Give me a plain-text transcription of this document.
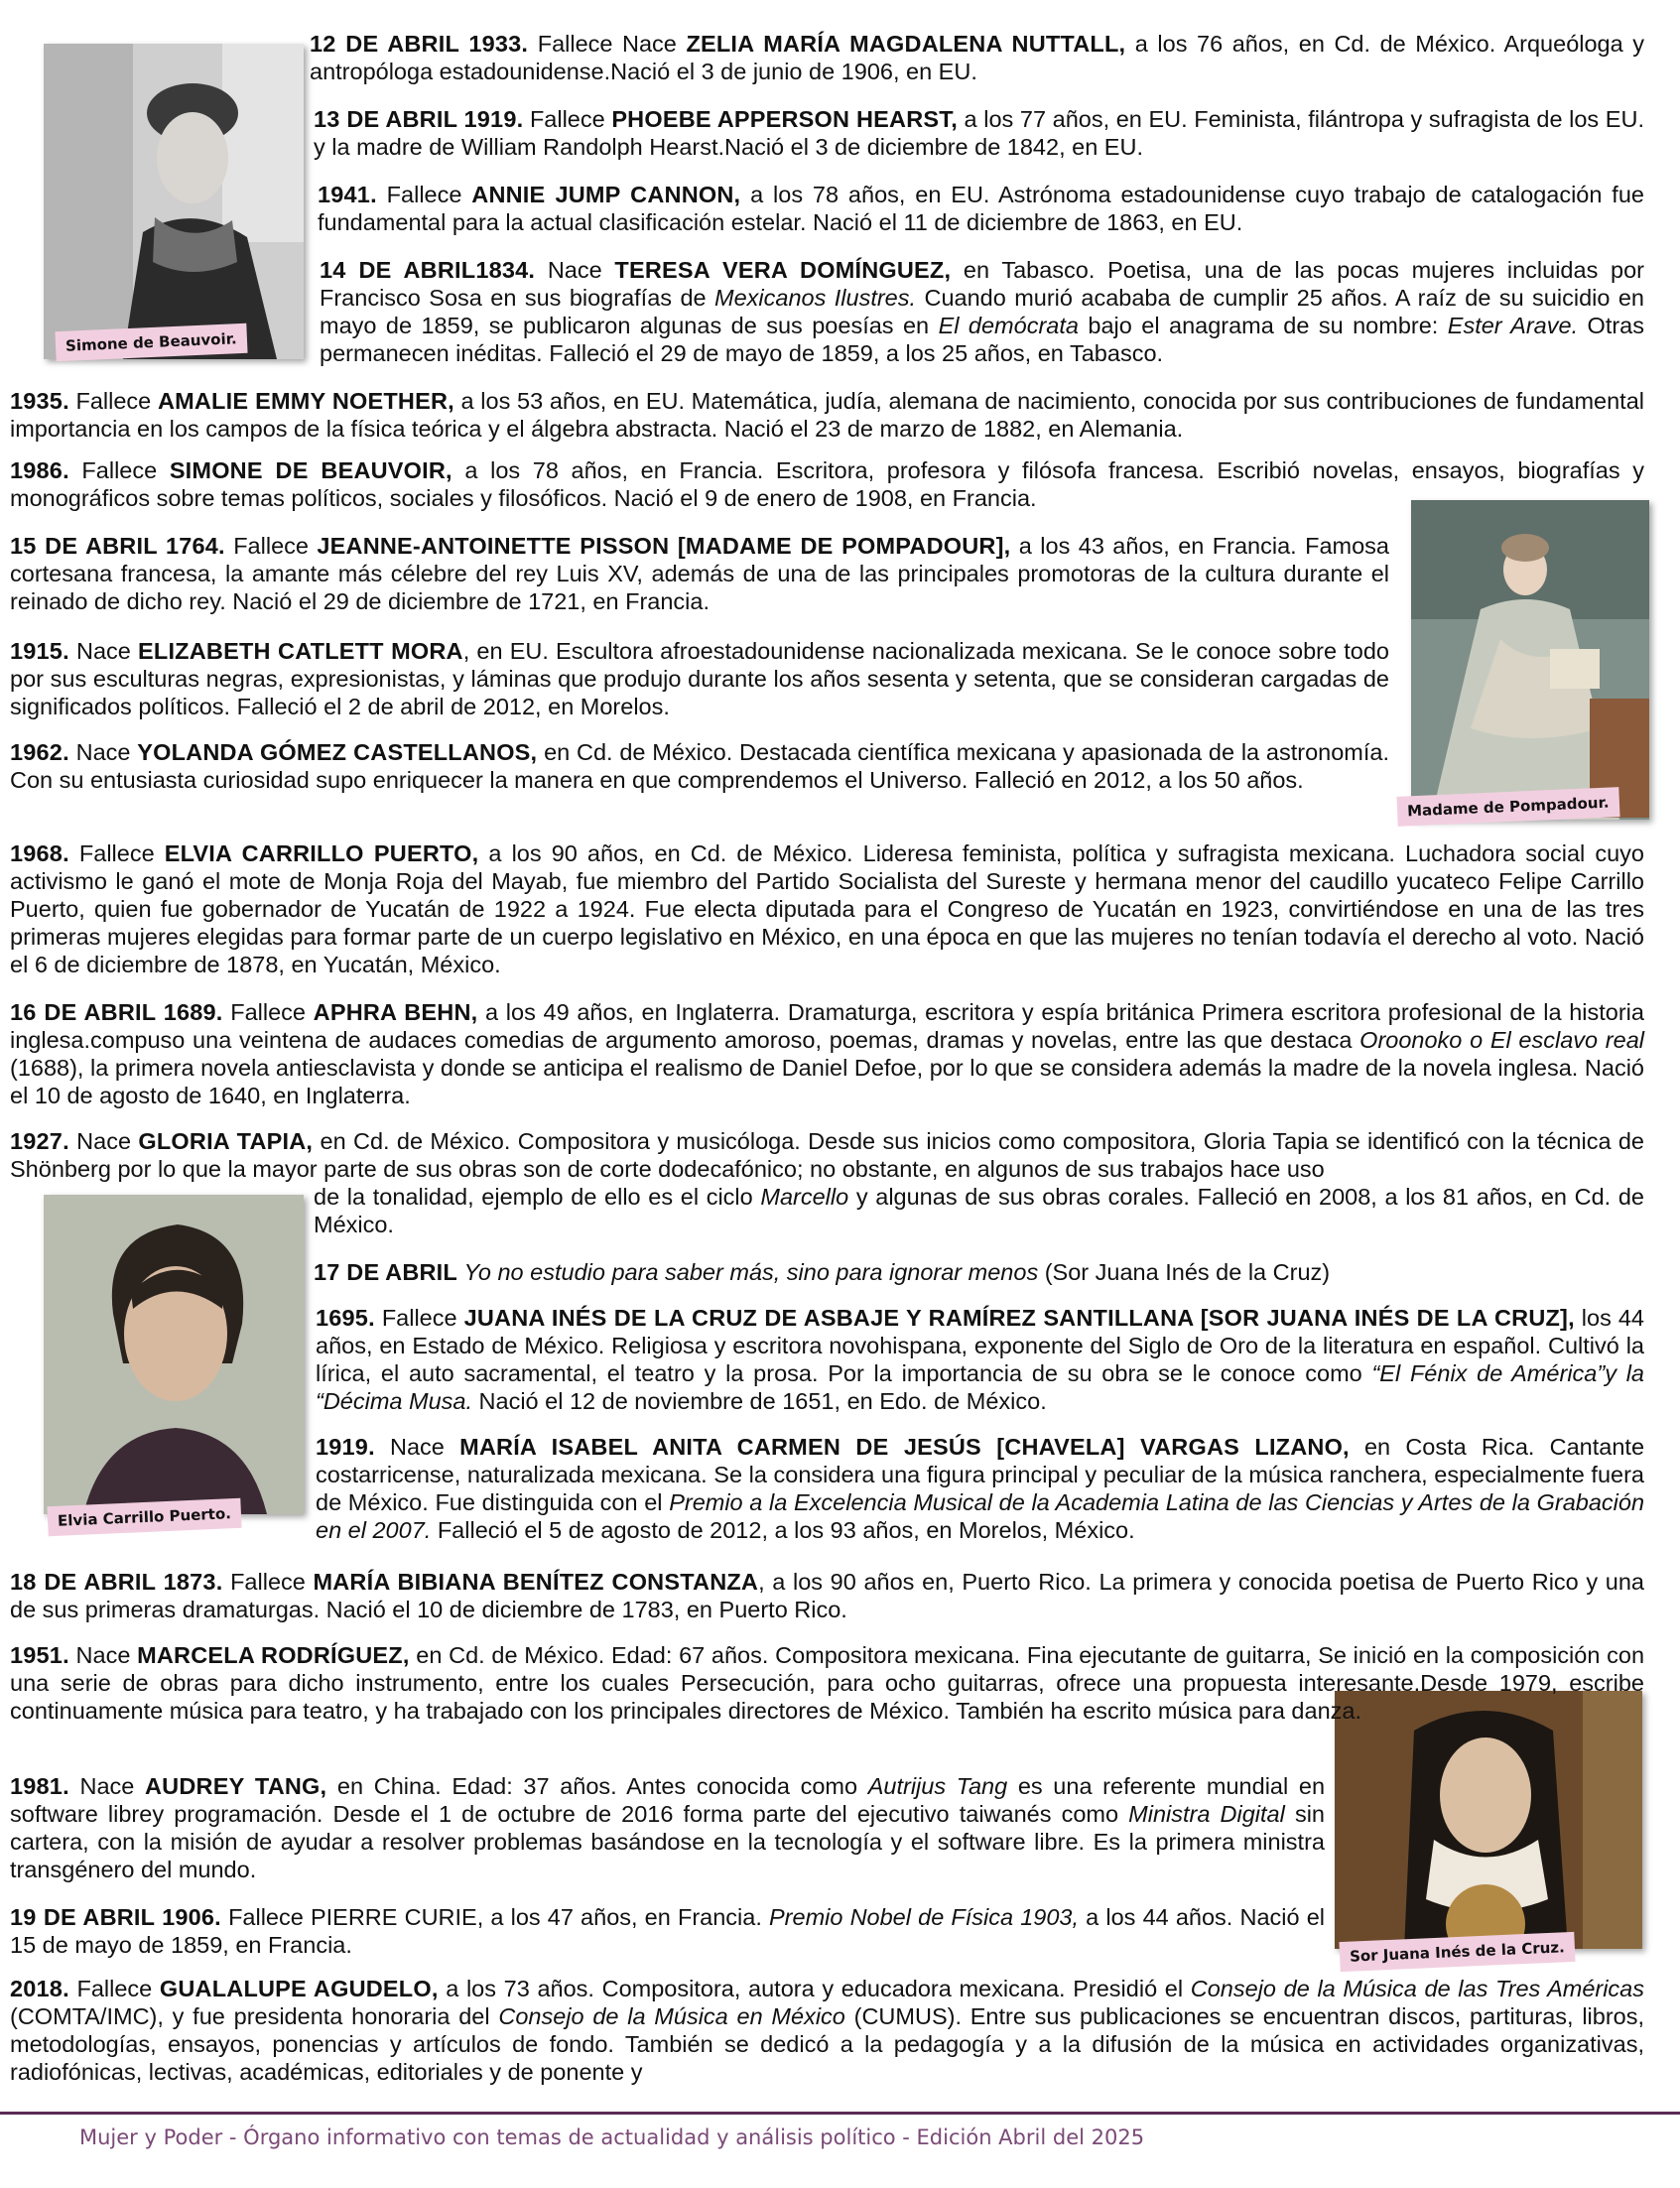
Simone de Beauvoir.
Madame de Pompadour.
Elvia Carrillo Puerto.
Sor Juana Inés de la Cruz.

12 DE ABRIL 1933. Fallece Nace ZELIA MARÍA MAGDALENA NUTTALL, a los 76 años, en Cd. de México. Arqueóloga y antropóloga estadounidense.Nació el 3 de junio de 1906, en EU.

13 DE ABRIL 1919. Fallece PHOEBE APPERSON HEARST, a los 77 años, en EU. Feminista, filántropa y sufragista de los EU. y la madre de William Randolph Hearst.Nació el 3 de diciembre de 1842, en EU.

1941. Fallece ANNIE JUMP CANNON, a los 78 años, en EU. Astrónoma estadounidense cuyo trabajo de catalogación fue fundamental para la actual clasificación estelar. Nació el 11 de diciembre de 1863, en EU.

14 DE ABRIL1834. Nace TERESA VERA DOMÍNGUEZ, en Tabasco. Poetisa, una de las pocas mujeres incluidas por Francisco Sosa en sus biografías de Mexicanos Ilustres. Cuando murió acababa de cumplir 25 años. A raíz de su suicidio en mayo de 1859, se publicaron algunas de sus poesías en El demócrata bajo el anagrama de su nombre: Ester Arave. Otras permanecen inéditas. Falleció el 29 de mayo de 1859, a los 25 años, en Tabasco.

1935. Fallece AMALIE EMMY NOETHER, a los 53 años, en EU. Matemática, judía, alemana de nacimiento, conocida por sus contribuciones de fundamental importancia en los campos de la física teórica y el álgebra abstracta. Nació el 23 de marzo de 1882, en Alemania.

1986. Fallece SIMONE DE BEAUVOIR, a los 78 años, en Francia. Escritora, profesora y filósofa francesa. Escribió novelas, ensayos, biografías y monográficos sobre temas políticos, sociales y filosóficos. Nació el 9 de enero de 1908, en Francia.

15 DE ABRIL 1764. Fallece JEANNE-ANTOINETTE PISSON [MADAME DE POMPADOUR], a los 43 años, en Francia. Famosa cortesana francesa, la amante más célebre del rey Luis XV, además de una de las principales promotoras de la cultura durante el reinado de dicho rey. Nació el 29 de diciembre de 1721, en Francia.

1915. Nace ELIZABETH CATLETT MORA, en EU. Escultora afroestadounidense nacionalizada mexicana. Se le conoce sobre todo por sus esculturas negras, expresionistas, y láminas que produjo durante los años sesenta y setenta, que se consideran cargadas de significados políticos. Falleció el 2 de abril de 2012, en Morelos.

1962. Nace YOLANDA GÓMEZ CASTELLANOS, en Cd. de México. Destacada científica mexicana y apasionada de la astronomía. Con su entusiasta curiosidad supo enriquecer la manera en que comprendemos el Universo. Falleció en 2012, a los 50 años.

1968. Fallece ELVIA CARRILLO PUERTO, a los 90 años, en Cd. de México. Lideresa feminista, política y sufragista mexicana. Luchadora social cuyo activismo le ganó el mote de Monja Roja del Mayab, fue miembro del Partido Socialista del Sureste y hermana menor del caudillo yucateco Felipe Carrillo Puerto, quien fue gobernador de Yucatán de 1922 a 1924. Fue electa diputada para el Congreso de Yucatán en 1923, convirtiéndose en una de las tres primeras mujeres elegidas para formar parte de un cuerpo legislativo en México, en una época en que las mujeres no tenían todavía el derecho al voto. Nació el 6 de diciembre de 1878, en Yucatán, México.

16 DE ABRIL 1689. Fallece APHRA BEHN, a los 49 años, en Inglaterra. Dramaturga, escritora y espía británica Primera escritora profesional de la historia inglesa.compuso una veintena de audaces comedias de argumento amoroso, poemas, dramas y novelas, entre las que destaca Oroonoko o El esclavo real (1688), la primera novela antiesclavista y donde se anticipa el realismo de Daniel Defoe, por lo que se considera además la madre de la novela inglesa. Nació el 10 de agosto de 1640, en Inglaterra.

1927. Nace GLORIA TAPIA, en Cd. de México. Compositora y musicóloga. Desde sus inicios como compositora, Gloria Tapia se identificó con la técnica de Shönberg por lo que la mayor parte de sus obras son de corte dodecafónico; no obstante, en algunos de sus trabajos hace uso

de la tonalidad, ejemplo de ello es el ciclo Marcello y algunas de sus obras corales. Falleció en 2008, a los 81 años, en Cd. de México.

17 DE ABRIL Yo no estudio para saber más, sino para ignorar menos (Sor Juana Inés de la Cruz)

1695. Fallece JUANA INÉS DE LA CRUZ DE ASBAJE Y RAMÍREZ SANTILLANA [SOR JUANA INÉS DE LA CRUZ], los 44 años, en Estado de México. Religiosa y escritora novohispana, exponente del Siglo de Oro de la literatura en español. Cultivó la lírica, el auto sacramental, el teatro y la prosa. Por la importancia de su obra se le conoce como “El Fénix de América”y la “Décima Musa. Nació el 12 de noviembre de 1651, en Edo. de México.

1919. Nace MARÍA ISABEL ANITA CARMEN DE JESÚS [CHAVELA] VARGAS LIZANO, en Costa Rica. Cantante costarricense, naturalizada mexicana. Se la considera una figura principal y peculiar de la música ranchera, especialmente fuera de México. Fue distinguida con el Premio a la Excelencia Musical de la Academia Latina de las Ciencias y Artes de la Grabación en el 2007. Falleció el 5 de agosto de 2012, a los 93 años, en Morelos, México.

18 DE ABRIL 1873. Fallece MARÍA BIBIANA BENÍTEZ CONSTANZA, a los 90 años en, Puerto Rico. La primera y conocida poetisa de Puerto Rico y una de sus primeras dramaturgas. Nació el 10 de diciembre de 1783, en Puerto Rico.

1951. Nace MARCELA RODRÍGUEZ, en Cd. de México. Edad: 67 años. Compositora mexicana. Fina ejecutante de guitarra, Se inició en la composición con una serie de obras para dicho instrumento, entre los cuales Persecución, para ocho guitarras, ofrece una propuesta interesante.Desde 1979, escribe continuamente música para teatro, y ha trabajado con los principales directores de México. También ha escrito música para danza.

1981. Nace AUDREY TANG, en China. Edad: 37 años. Antes conocida como Autrijus Tang es una referente mundial en software librey programación. Desde el 1 de octubre de 2016 forma parte del ejecutivo taiwanés como Ministra Digital sin cartera, con la misión de ayudar a resolver problemas basándose en la tecnología y el software libre. Es la primera ministra transgénero del mundo.

19 DE ABRIL 1906. Fallece PIERRE CURIE, a los 47 años, en Francia. Premio Nobel de Física 1903, a los 44 años. Nació el 15 de mayo de 1859, en Francia.

2018. Fallece GUALALUPE AGUDELO, a los 73 años. Compositora, autora y educadora mexicana. Presidió el Consejo de la Música de las Tres Américas (COMTA/IMC), y fue presidenta honoraria del Consejo de la Música en México (CUMUS). Entre sus publicaciones se encuentran discos, partituras, libros, metodologías, ensayos, ponencias y artículos de fondo. También se dedicó a la pedagogía y a la difusión de la música en actividades organizativas, radiofónicas, lectivas, académicas, editoriales y de ponente y

Mujer y Poder - Órgano informativo con temas de actualidad y análisis político - Edición Abril del 2025
